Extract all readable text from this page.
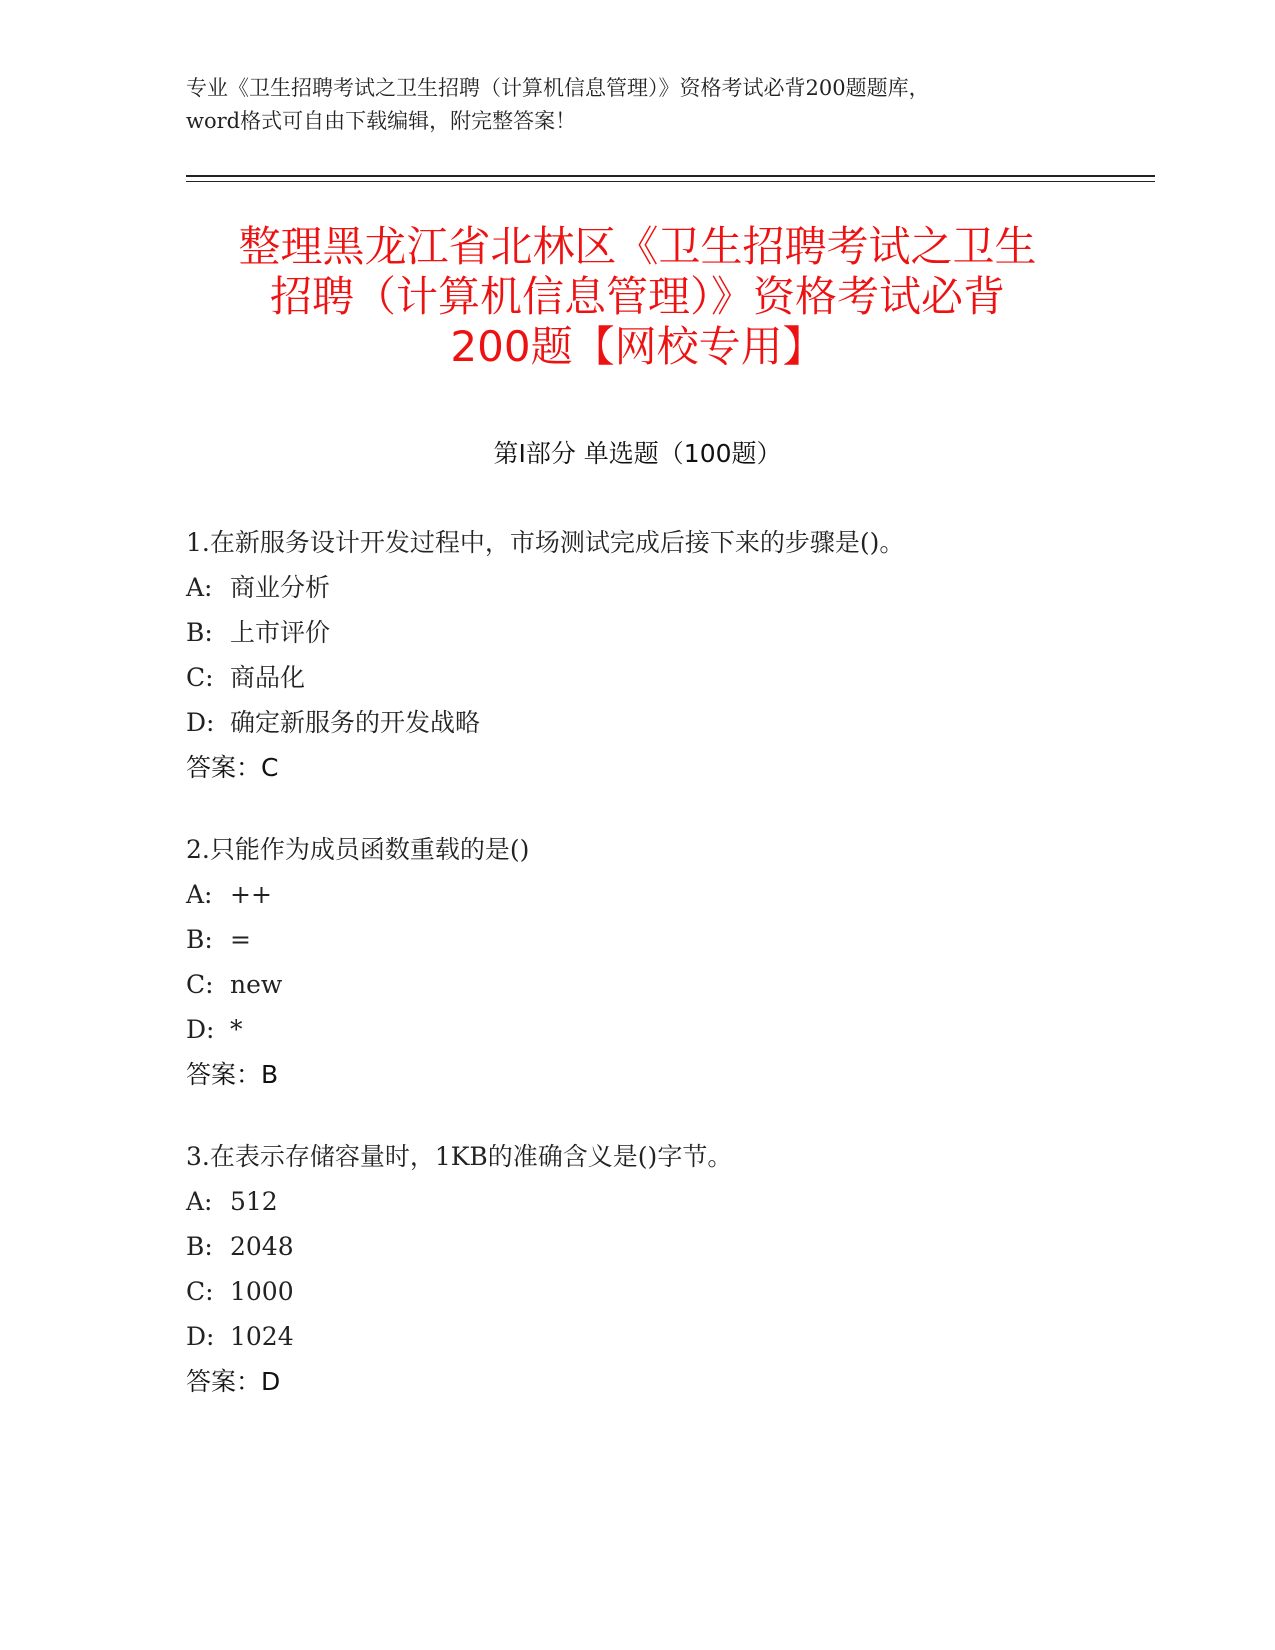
专业《卫生招聘考试之卫生招聘（计算机信息管理）》资格考试必背200题题库，
word格式可自由下载编辑，附完整答案！
整理黑龙江省北林区《卫生招聘考试之卫生
招聘（计算机信息管理）》资格考试必背
200题【网校专用】
第Ⅰ部分 单选题（100题）
1.在新服务设计开发过程中，市场测试完成后接下来的步骤是()。
A: 商业分析
B: 上市评价
C: 商品化
D: 确定新服务的开发战略
答案：C
2.只能作为成员函数重载的是()
A: ++
B: =
C: new
D: *
答案：B
3.在表示存储容量时，1KB的准确含义是()字节。
A: 512
B: 2048
C: 1000
D: 1024
答案：D
